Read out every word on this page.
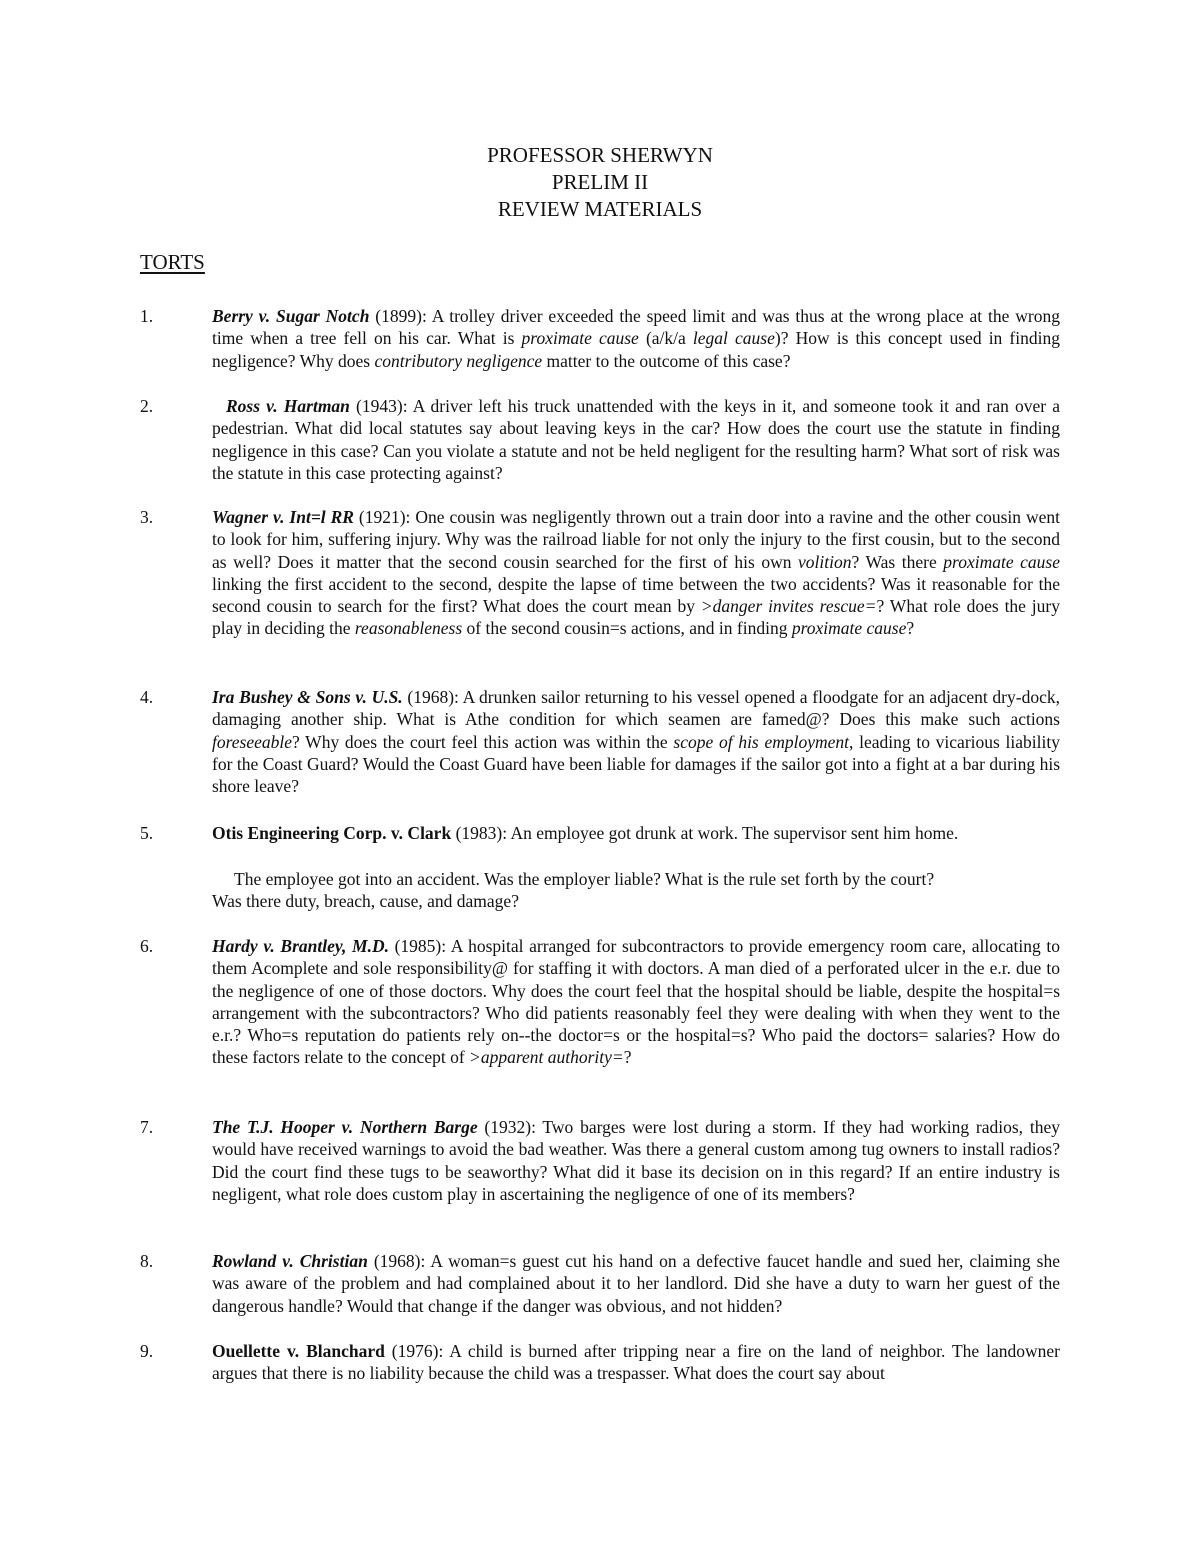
PROFESSOR SHERWYN
PRELIM II
REVIEW MATERIALS
TORTS
1.	Berry v. Sugar Notch (1899): A trolley driver exceeded the speed limit and was thus at the wrong place at the wrong time when a tree fell on his car. What is proximate cause (a/k/a legal cause)? How is this concept used in finding negligence? Why does contributory negligence matter to the outcome of this case?
2.	Ross v. Hartman (1943): A driver left his truck unattended with the keys in it, and someone took it and ran over a pedestrian. What did local statutes say about leaving keys in the car? How does the court use the statute in finding negligence in this case? Can you violate a statute and not be held negligent for the resulting harm? What sort of risk was the statute in this case protecting against?
3.	Wagner v. Int=l RR (1921): One cousin was negligently thrown out a train door into a ravine and the other cousin went to look for him, suffering injury. Why was the railroad liable for not only the injury to the first cousin, but to the second as well? Does it matter that the second cousin searched for the first of his own volition? Was there proximate cause linking the first accident to the second, despite the lapse of time between the two accidents? Was it reasonable for the second cousin to search for the first? What does the court mean by >danger invites rescue=? What role does the jury play in deciding the reasonableness of the second cousin=s actions, and in finding proximate cause?
4.	Ira Bushey & Sons v. U.S. (1968): A drunken sailor returning to his vessel opened a floodgate for an adjacent dry-dock, damaging another ship. What is Athe condition for which seamen are famed@? Does this make such actions foreseeable? Why does the court feel this action was within the scope of his employment, leading to vicarious liability for the Coast Guard? Would the Coast Guard have been liable for damages if the sailor got into a fight at a bar during his shore leave?
5.	Otis Engineering Corp. v. Clark (1983): An employee got drunk at work. The supervisor sent him home.
The employee got into an accident. Was the employer liable? What is the rule set forth by the court?
Was there duty, breach, cause, and damage?
6.	Hardy v. Brantley, M.D. (1985): A hospital arranged for subcontractors to provide emergency room care, allocating to them Acomplete and sole responsibility@ for staffing it with doctors. A man died of a perforated ulcer in the e.r. due to the negligence of one of those doctors. Why does the court feel that the hospital should be liable, despite the hospital=s arrangement with the subcontractors? Who did patients reasonably feel they were dealing with when they went to the e.r.? Who=s reputation do patients rely on--the doctor=s or the hospital=s? Who paid the doctors= salaries? How do these factors relate to the concept of >apparent authority=?
7.	The T.J. Hooper v. Northern Barge (1932): Two barges were lost during a storm. If they had working radios, they would have received warnings to avoid the bad weather. Was there a general custom among tug owners to install radios? Did the court find these tugs to be seaworthy? What did it base its decision on in this regard? If an entire industry is negligent, what role does custom play in ascertaining the negligence of one of its members?
8.	Rowland v. Christian (1968): A woman=s guest cut his hand on a defective faucet handle and sued her, claiming she was aware of the problem and had complained about it to her landlord. Did she have a duty to warn her guest of the dangerous handle? Would that change if the danger was obvious, and not hidden?
9.	Ouellette v. Blanchard (1976): A child is burned after tripping near a fire on the land of neighbor. The landowner argues that there is no liability because the child was a trespasser. What does the court say about
